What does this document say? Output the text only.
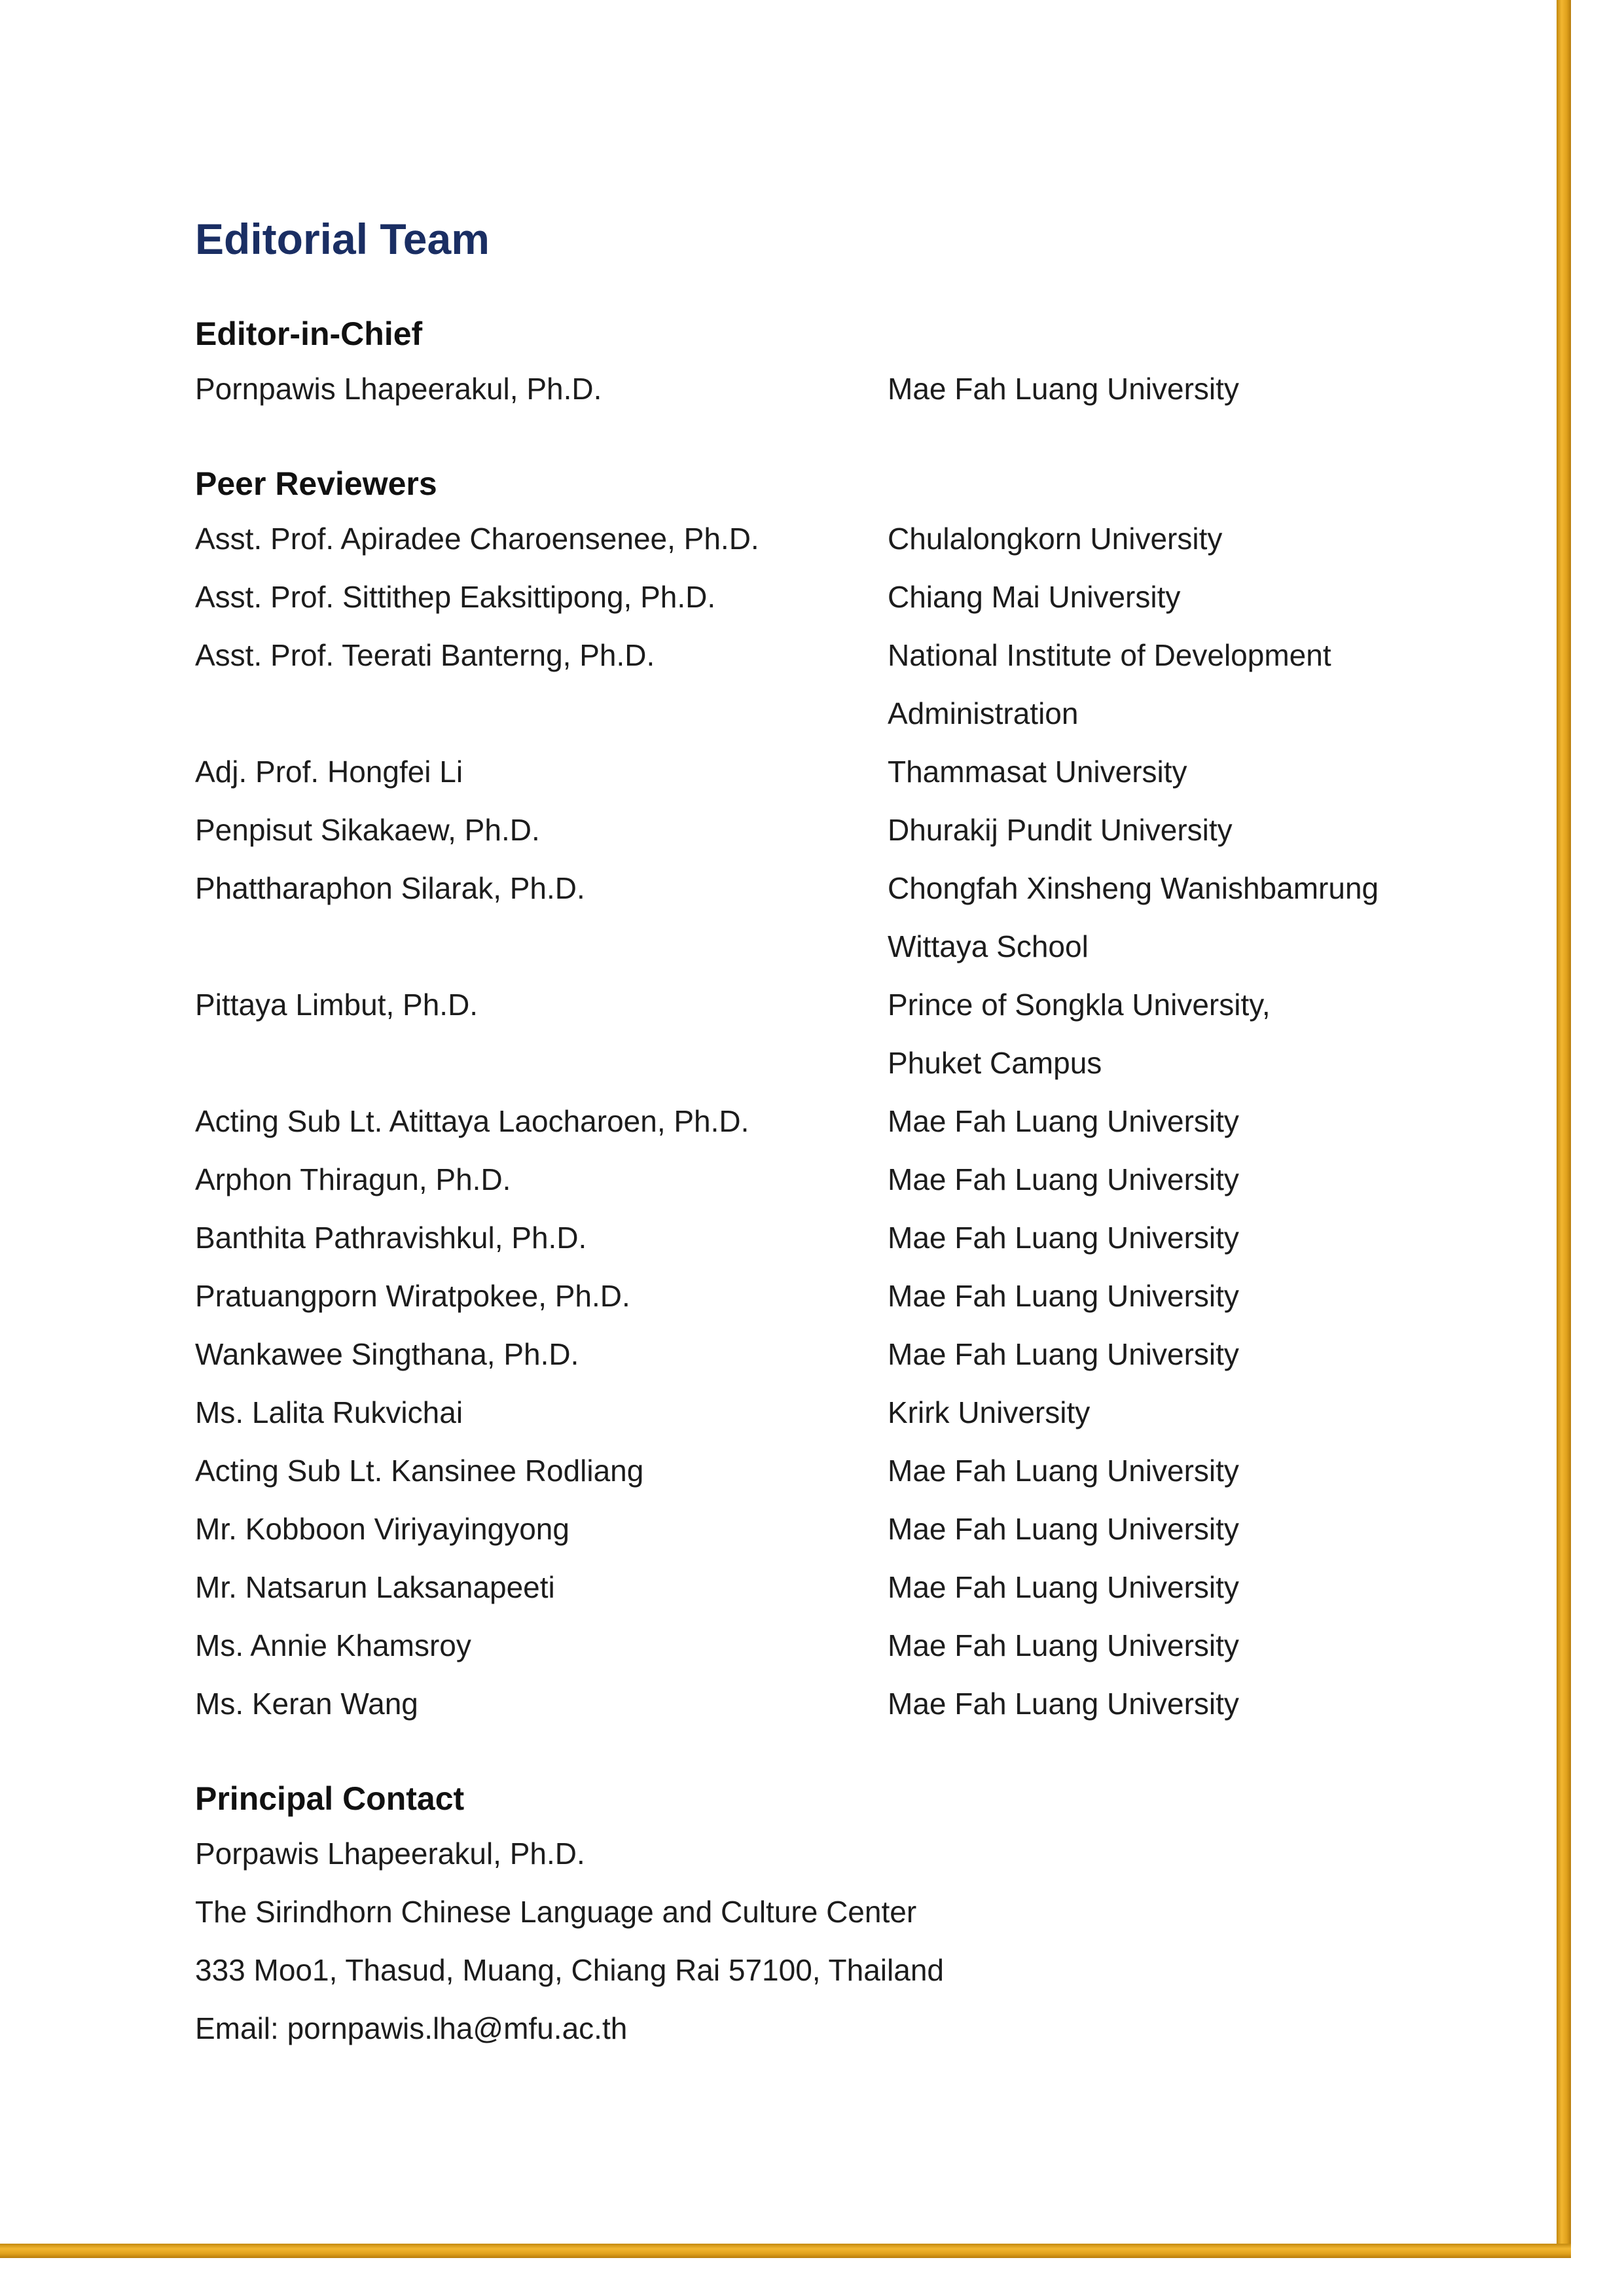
Editorial Team
Editor-in-Chief
Pornpawis Lhapeerakul, Ph.D.	Mae Fah Luang University
Peer Reviewers
Asst. Prof. Apiradee Charoensenee, Ph.D.	Chulalongkorn University
Asst. Prof. Sittithep Eaksittipong, Ph.D.	Chiang Mai University
Asst. Prof. Teerati Banterng, Ph.D.	National Institute of Development
Administration
Adj. Prof. Hongfei Li	Thammasat University
Penpisut Sikakaew, Ph.D.	Dhurakij Pundit University
Phattharaphon Silarak, Ph.D.	Chongfah Xinsheng Wanishbamrung
Wittaya School
Pittaya Limbut, Ph.D.	Prince of Songkla University,
Phuket Campus
Acting Sub Lt. Atittaya Laocharoen, Ph.D.	Mae Fah Luang University
Arphon Thiragun, Ph.D.	Mae Fah Luang University
Banthita Pathravishkul, Ph.D.	Mae Fah Luang University
Pratuangporn Wiratpokee, Ph.D.	Mae Fah Luang University
Wankawee Singthana, Ph.D.	Mae Fah Luang University
Ms. Lalita Rukvichai	Krirk University
Acting Sub Lt. Kansinee Rodliang	Mae Fah Luang University
Mr. Kobboon Viriyayingyong	Mae Fah Luang University
Mr. Natsarun Laksanapeeti	Mae Fah Luang University
Ms. Annie Khamsroy	Mae Fah Luang University
Ms. Keran Wang	Mae Fah Luang University
Principal Contact
Porpawis Lhapeerakul, Ph.D.
The Sirindhorn Chinese Language and Culture Center
333 Moo1, Thasud, Muang, Chiang Rai 57100, Thailand
Email: pornpawis.lha@mfu.ac.th
